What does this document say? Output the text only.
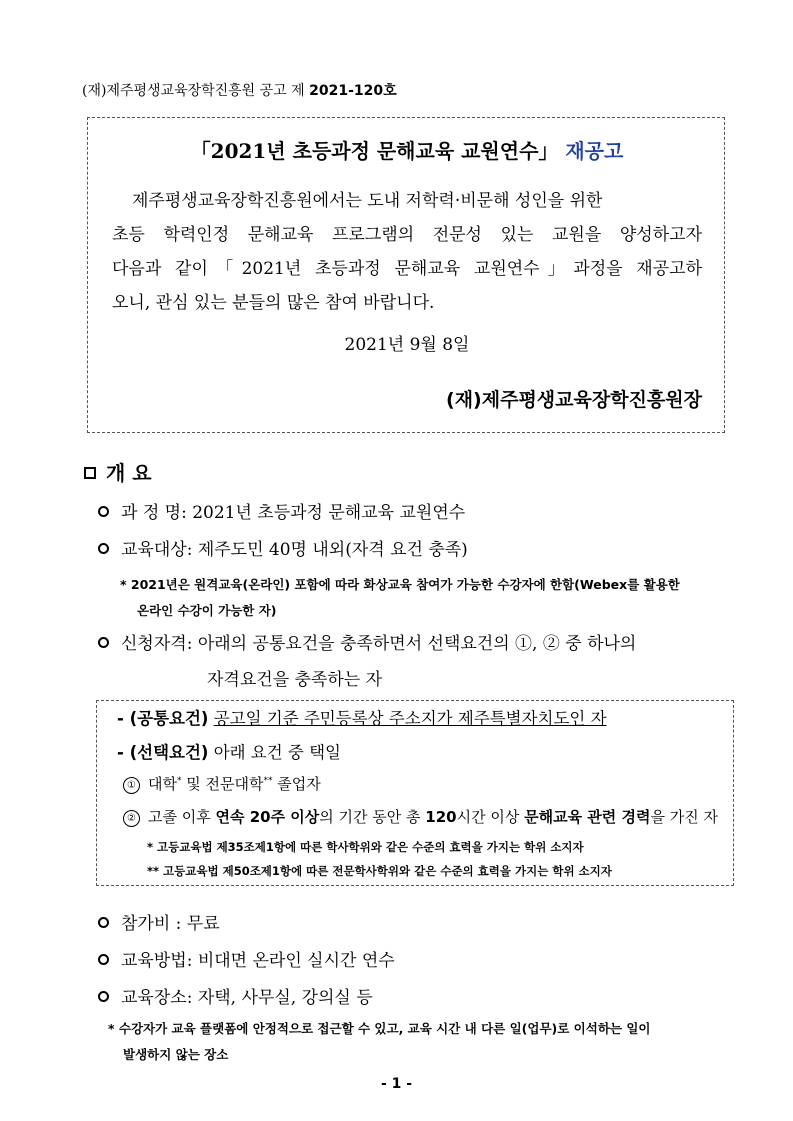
(재)제주평생교육장학진흥원 공고 제 2021-120호
「2021년 초등과정 문해교육 교원연수」 재공고
제주평생교육장학진흥원에서는 도내 저학력·비문해 성인을 위한
초등 학력인정 문해교육 프로그램의 전문성 있는 교원을 양성하고자
다음과 같이「2021년 초등과정 문해교육 교원연수」과정을 재공고하
오니, 관심 있는 분들의 많은 참여 바랍니다.
2021년 9월 8일
(재)제주평생교육장학진흥원장
개 요
과 정 명: 2021년 초등과정 문해교육 교원연수
교육대상: 제주도민 40명 내외(자격 요건 충족)
* 2021년은 원격교육(온라인) 포함에 따라 화상교육 참여가 가능한 수강자에 한함(Webex를 활용한
온라인 수강이 가능한 자)
신청자격: 아래의 공통요건을 충족하면서 선택요건의 ①, ② 중 하나의
자격요건을 충족하는 자
- (공통요건) 공고일 기준 주민등록상 주소지가 제주특별자치도인 자
- (선택요건) 아래 요건 중 택일
① 대학* 및 전문대학** 졸업자
② 고졸 이후 연속 20주 이상의 기간 동안 총 120시간 이상 문해교육 관련 경력을 가진 자
* 고등교육법 제35조제1항에 따른 학사학위와 같은 수준의 효력을 가지는 학위 소지자
** 고등교육법 제50조제1항에 따른 전문학사학위와 같은 수준의 효력을 가지는 학위 소지자
참가비 : 무료
교육방법: 비대면 온라인 실시간 연수
교육장소: 자택, 사무실, 강의실 등
* 수강자가 교육 플랫폼에 안정적으로 접근할 수 있고, 교육 시간 내 다른 일(업무)로 이석하는 일이
발생하지 않는 장소
- 1 -
